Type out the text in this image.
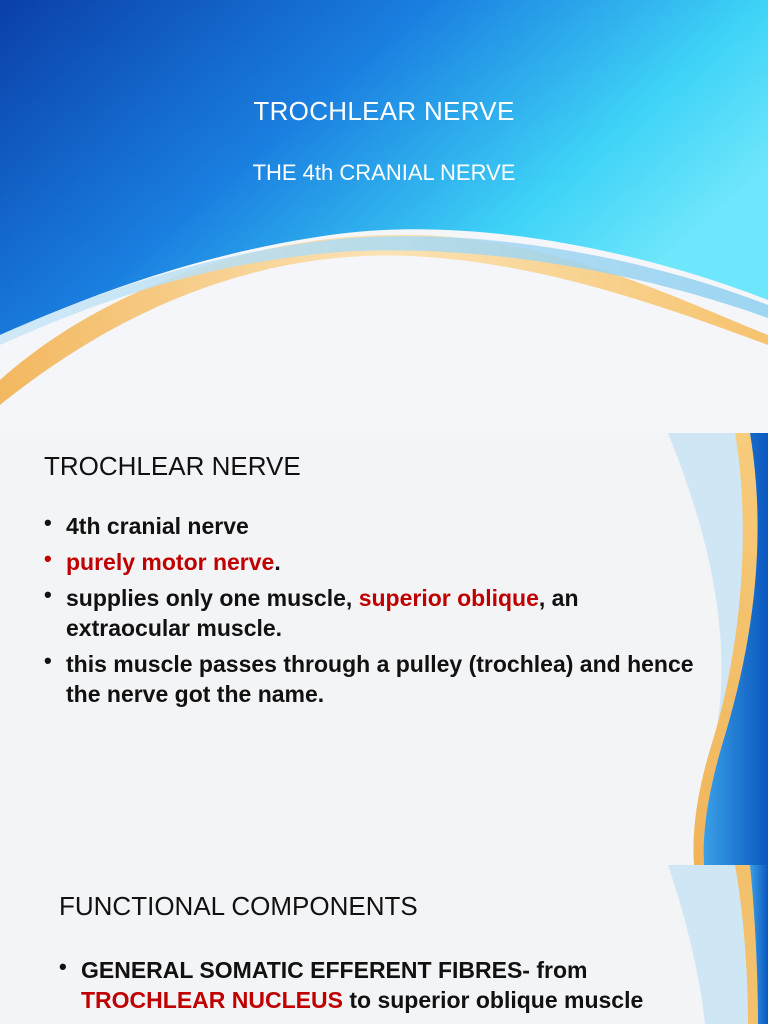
TROCHLEAR NERVE
THE 4th CRANIAL NERVE
TROCHLEAR NERVE
• 4th cranial nerve
• purely motor nerve.
• supplies only one muscle, superior oblique, an extraocular muscle.
• this muscle passes through a pulley (trochlea) and hence the nerve got the name.
FUNCTIONAL COMPONENTS
• GENERAL SOMATIC EFFERENT FIBRES- from TROCHLEAR NUCLEUS to superior oblique muscle
